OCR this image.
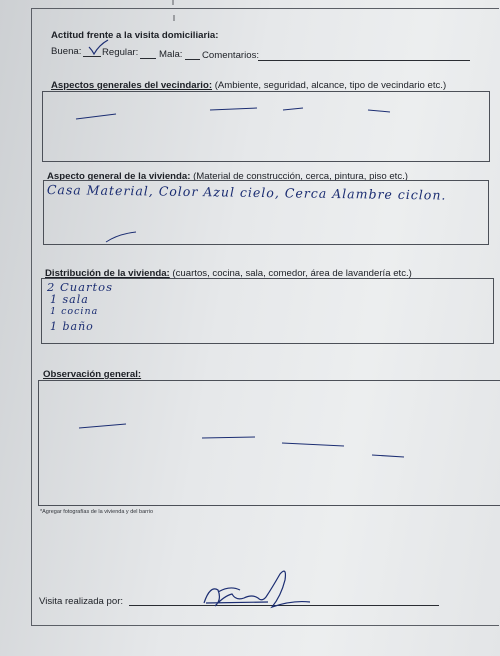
Actitud frente a la visita domiciliaria:
Buena: Regular: Mala: Comentarios:
Aspectos generales del vecindario: (Ambiente, seguridad, alcance, tipo de vecindario etc.)
Aspecto general de la vivienda: (Material de construcción, cerca, pintura, piso etc.)
Casa Material, Color Azul cielo, Cerca Alambre ciclon.
Distribución de la vivienda: (cuartos, cocina, sala, comedor, área de lavandería etc.)
2 Cuartos
1 sala
1 cocina
1 baño
Observación general:
*Agregar fotografías de la vivienda y del barrio
Visita realizada por:
